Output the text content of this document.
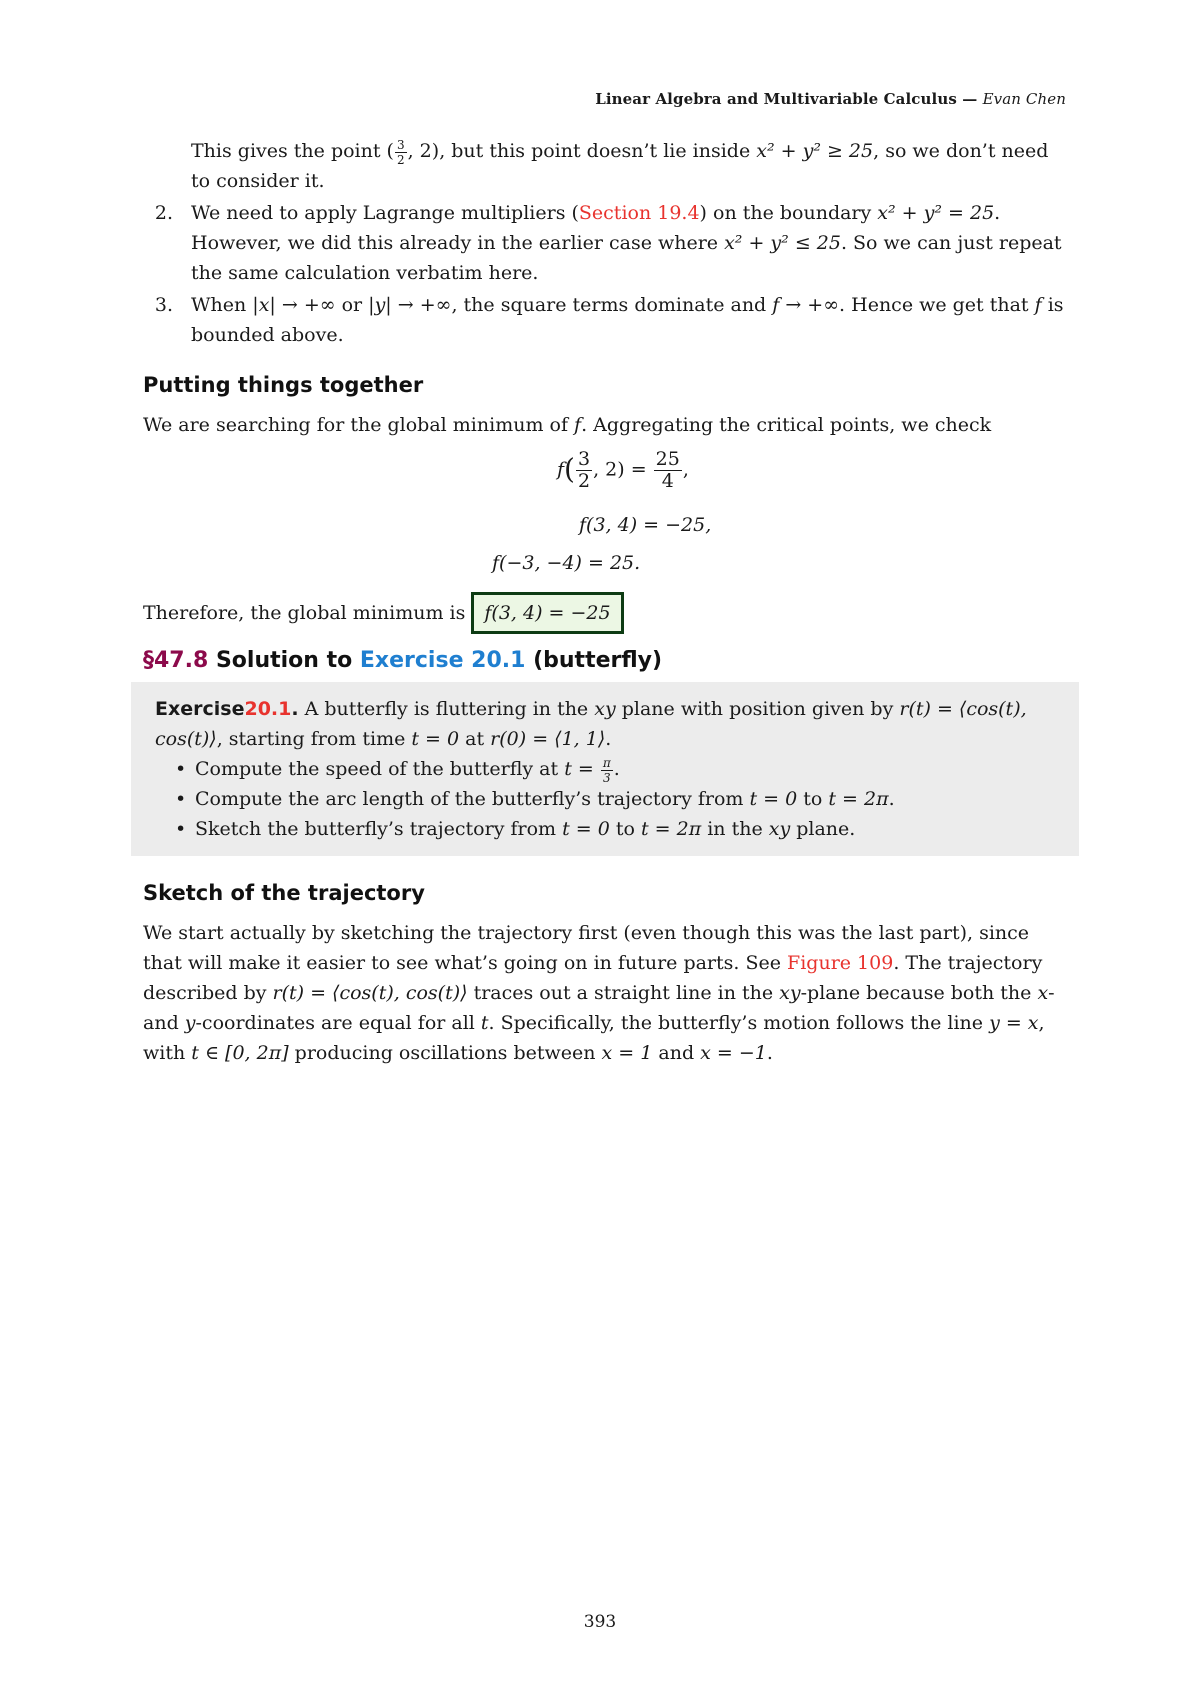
Linear Algebra and Multivariable Calculus — Evan Chen

This gives the point ( $\frac{3}{2}$ , 2), but this point doesn’t lie inside x² + y² ≥ 25, so we don’t need to consider it.

2. We need to apply Lagrange multipliers (Section 19.4) on the boundary x² + y² = 25. However, we did this already in the earlier case where x² + y² ≤ 25. So we can just repeat the same calculation verbatim here.

3. When |x| → +∞ or |y| → +∞, the square terms dominate and f → +∞. Hence we get that f is bounded above.

Putting things together

We are searching for the global minimum of f. Aggregating the critical points, we check

$f( \frac{3}{2}$ , $2) = \frac{25}{4}$ ,
f(3, 4) = −25,
f(−3, −4) = 25.

Therefore, the global minimum is f(3, 4) = −25

§47.8 Solution to Exercise 20.1 (butterfly)

Exercise20.1. A butterfly is fluttering in the xy plane with position given by r(t) = ⟨cos(t), cos(t)⟩, starting from time t = 0 at r(0) = ⟨1, 1⟩.

• Compute the speed of the butterfly at $t = \frac{\pi}{3}$ .

• Compute the arc length of the butterfly’s trajectory from t = 0 to t = 2π.

• Sketch the butterfly’s trajectory from t = 0 to t = 2π in the xy plane.

Sketch of the trajectory

We start actually by sketching the trajectory first (even though this was the last part), since that will make it easier to see what’s going on in future parts. See Figure 109. The trajectory described by r(t) = ⟨cos(t), cos(t)⟩ traces out a straight line in the xy-plane because both the x- and y-coordinates are equal for all t. Specifically, the butterfly’s motion follows the line y = x, with t ∈ [0, 2π] producing oscillations between x = 1 and x = −1.

393
